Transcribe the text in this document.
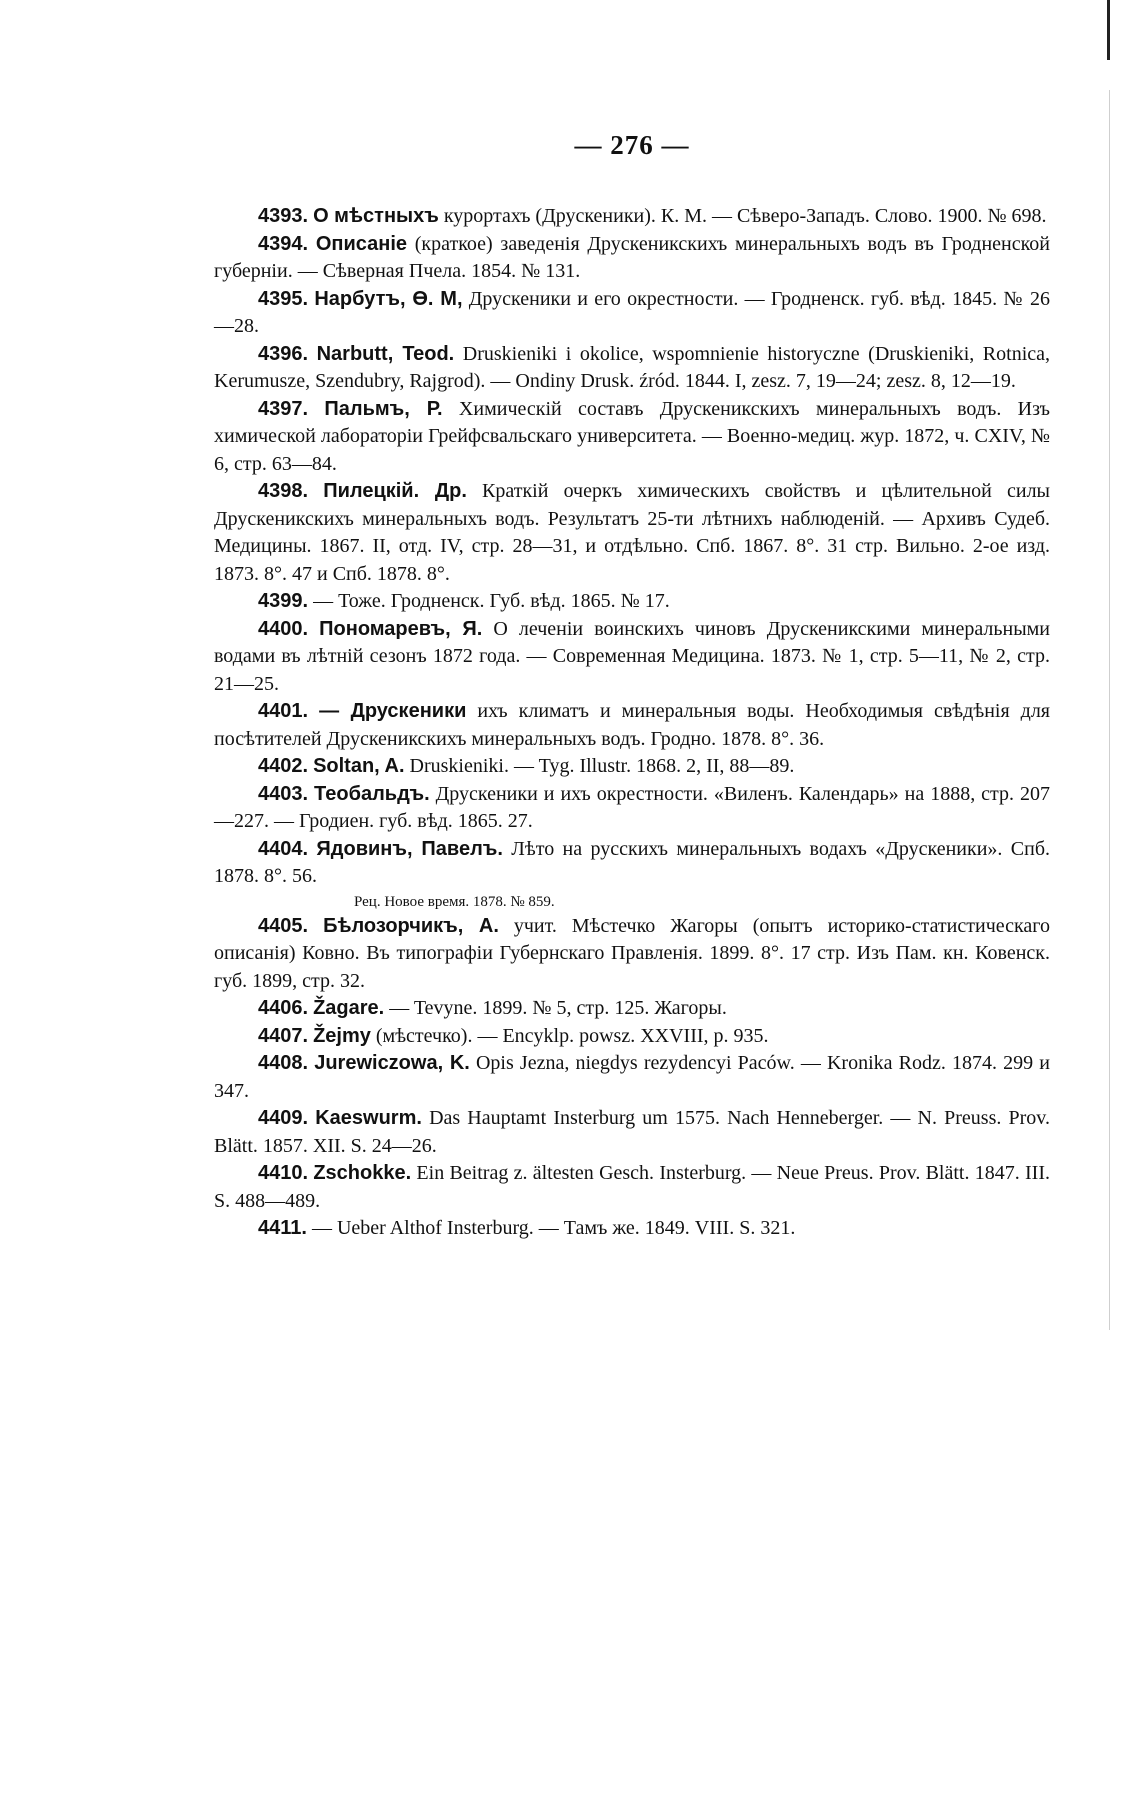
— 276 —

4393. О мѣстныхъ курортахъ (Друскеники). К. М. — Сѣверо-Западъ. Слово. 1900. № 698.

4394. Описаніе (краткое) заведенія Друскеникскихъ минеральныхъ водъ въ Гродненской губерніи. — Сѣверная Пчела. 1854. № 131.

4395. Нарбутъ, Ө. М, Друскеники и его окрестности. — Гродненск. губ. вѣд. 1845. № 26—28.

4396. Narbutt, Teod. Druskieniki i okolice, wspomnienie historyczne (Druskieniki, Rotnica, Kerumusze, Szendubry, Rajgrod). — Ondiny Drusk. źród. 1844. I, zesz. 7, 19—24; zesz. 8, 12—19.

4397. Пальмъ, Р. Химическій составъ Друскеникскихъ минеральныхъ водъ. Изъ химической лабораторіи Грейфсвальскаго университета. — Военно-медиц. жур. 1872, ч. CXIV, № 6, стр. 63—84.

4398. Пилецкій. Др. Краткій очеркъ химическихъ свойствъ и цѣлительной силы Друскеникскихъ минеральныхъ водъ. Результатъ 25-ти лѣтнихъ наблюденій. — Архивъ Судеб. Медицины. 1867. II, отд. IV, стр. 28—31, и отдѣльно. Спб. 1867. 8°. 31 стр. Вильно. 2-ое изд. 1873. 8°. 47 и Спб. 1878. 8°.

4399. — Тоже. Гродненск. Губ. вѣд. 1865. № 17.

4400. Пономаревъ, Я. О леченіи воинскихъ чиновъ Друскеникскими минеральными водами въ лѣтній сезонъ 1872 года. — Современная Медицина. 1873. № 1, стр. 5—11, № 2, стр. 21—25.

4401. — Друскеники ихъ климатъ и минеральныя воды. Необходимыя свѣдѣнія для посѣтителей Друскеникскихъ минеральныхъ водъ. Гродно. 1878. 8°. 36.

4402. Soltan, A. Druskieniki. — Tyg. Illustr. 1868. 2, II, 88—89.

4403. Теобальдъ. Друскеники и ихъ окрестности. «Виленъ. Календарь» на 1888, стр. 207—227. — Гродиен. губ. вѣд. 1865. 27.

4404. Ядовинъ, Павелъ. Лѣто на русскихъ минеральныхъ водахъ «Друскеники». Спб. 1878. 8°. 56.

Рец. Новое время. 1878. № 859.

4405. Бѣлозорчикъ, А. учит. Мѣстечко Жагоры (опытъ историко-статистическаго описанія) Ковно. Въ типографіи Губернскаго Правленія. 1899. 8°. 17 стр. Изъ Пам. кн. Ковенск. губ. 1899, стр. 32.

4406. Žagare. — Tevyne. 1899. № 5, стр. 125. Жагоры.

4407. Žejmy (мѣстечко). — Encyklp. powsz. XXVIII, p. 935.

4408. Jurewiczowa, K. Opis Jezna, niegdys rezydencyi Paców. — Kronika Rodz. 1874. 299 и 347.

4409. Kaeswurm. Das Hauptamt Insterburg um 1575. Nach Henneberger. — N. Preuss. Prov. Blätt. 1857. XII. S. 24—26.

4410. Zschokke. Ein Beitrag z. ältesten Gesch. Insterburg. — Neue Preus. Prov. Blätt. 1847. III. S. 488—489.

4411. — Ueber Althof Insterburg. — Тамъ же. 1849. VIII. S. 321.
